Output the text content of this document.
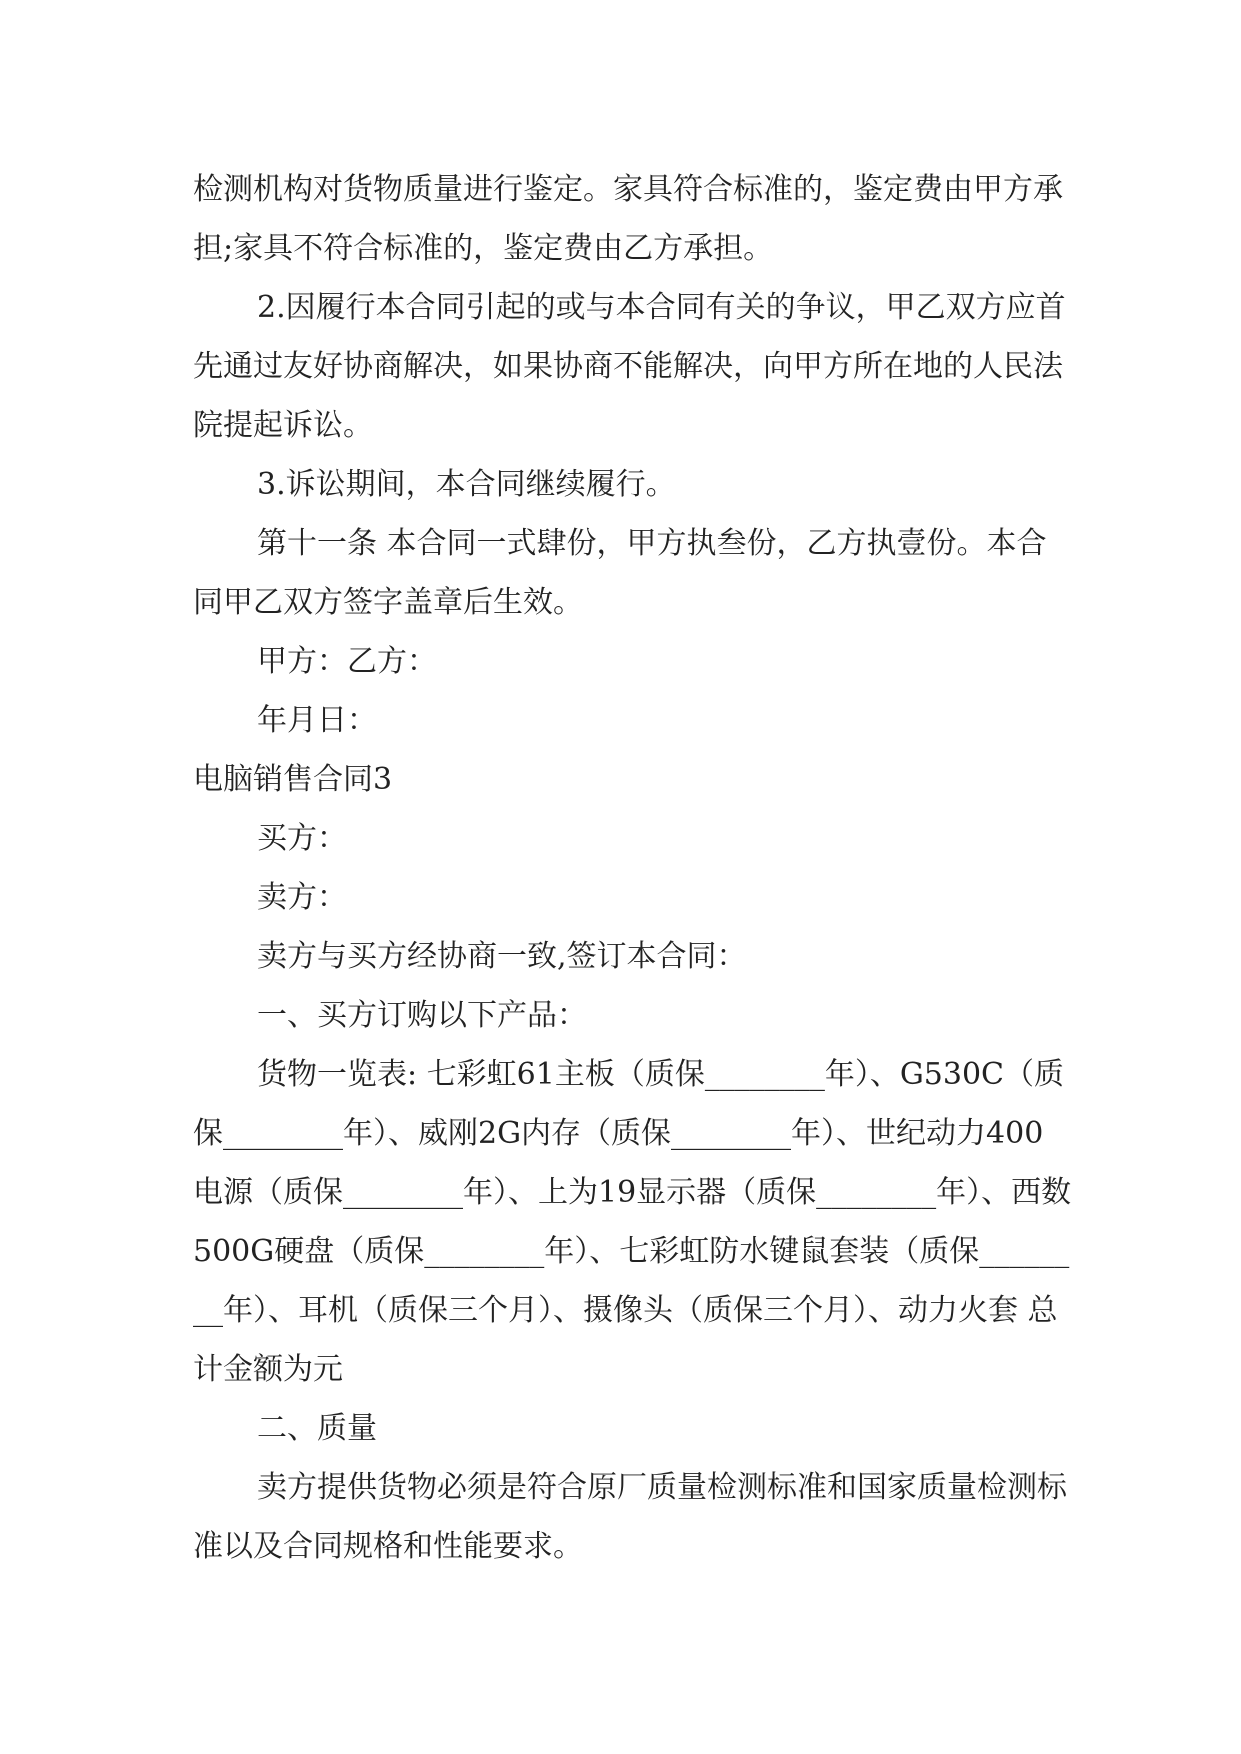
检测机构对货物质量进行鉴定。家具符合标准的，鉴定费由甲方承担;家具不符合标准的，鉴定费由乙方承担。

2.因履行本合同引起的或与本合同有关的争议，甲乙双方应首先通过友好协商解决，如果协商不能解决，向甲方所在地的人民法院提起诉讼。

3.诉讼期间，本合同继续履行。

第十一条 本合同一式肆份，甲方执叁份，乙方执壹份。本合同甲乙双方签字盖章后生效。

甲方：乙方：

年月日：

电脑销售合同3

买方：

卖方：

卖方与买方经协商一致,签订本合同：

一、买方订购以下产品：

货物一览表: 七彩虹61主板（质保________年）、G530C（质保________年）、威刚2G内存（质保________年）、世纪动力400电源（质保________年）、上为19显示器（质保________年）、西数500G硬盘（质保________年）、七彩虹防水键鼠套装（质保________年）、耳机（质保三个月）、摄像头（质保三个月）、动力火套 总计金额为元

二、质量

卖方提供货物必须是符合原厂质量检测标准和国家质量检测标准以及合同规格和性能要求。
